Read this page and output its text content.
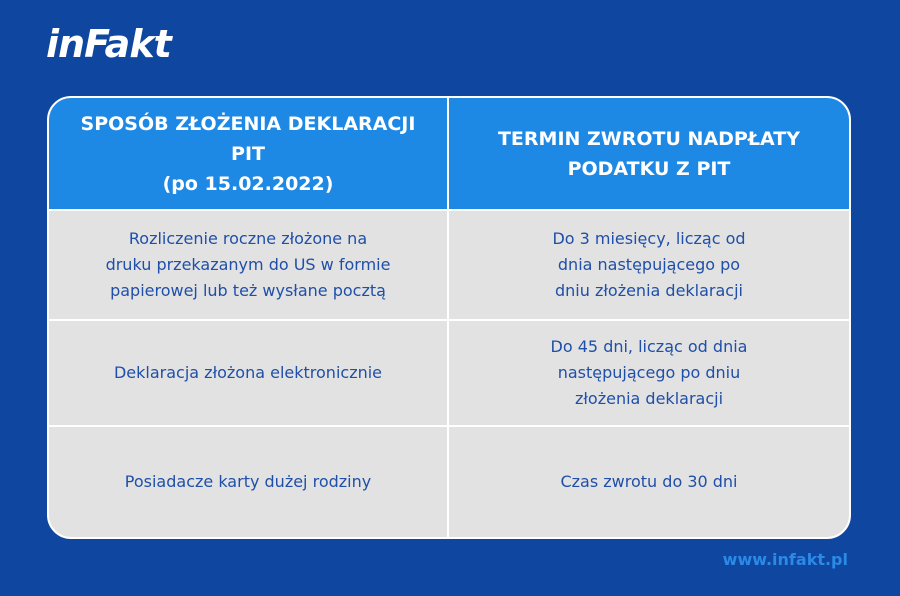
inFakt
SPOSÓB ZŁOŻENIA DEKLARACJI PIT
(po 15.02.2022)
TERMIN ZWROTU NADPŁATY
PODATKU Z PIT
Rozliczenie roczne złożone na
druku przekazanym do US w formie
papierowej lub też wysłane pocztą
Do 3 miesięcy, licząc od
dnia następującego po
dniu złożenia deklaracji
Deklaracja złożona elektronicznie
Do 45 dni, licząc od dnia
następującego po dniu
złożenia deklaracji
Posiadacze karty dużej rodziny	Czas zwrotu do 30 dni
www.infakt.pl
